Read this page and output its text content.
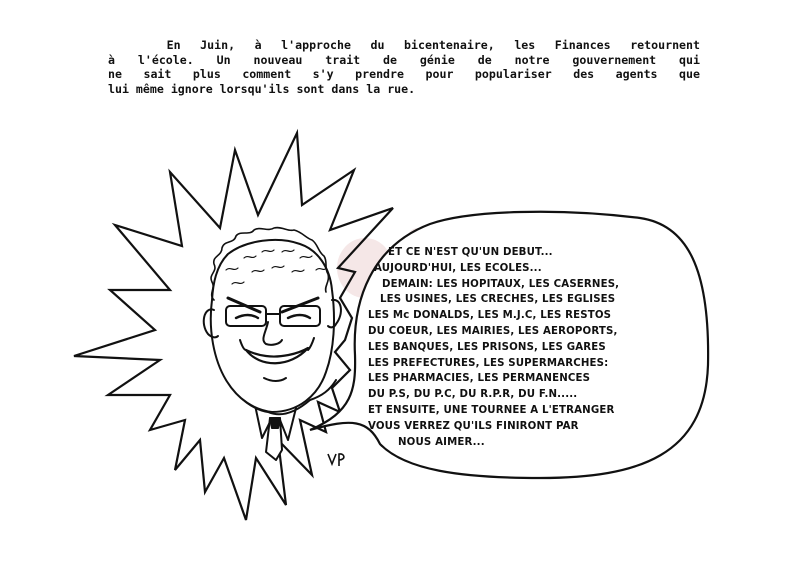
En Juin, à l'approche du bicentenaire, les Finances retournent
à l'école. Un nouveau trait de génie de notre gouvernement qui
ne sait plus comment s'y prendre pour populariser des agents que
lui même ignore lorsqu'ils sont dans la rue.
ET CE N'EST QU'UN DEBUT...
AUJOURD'HUI, LES ECOLES...
DEMAIN: LES HOPITAUX, LES CASERNES,
LES USINES, LES CRECHES, LES EGLISES
LES Mc DONALDS, LES M.J.C, LES RESTOS
DU COEUR, LES MAIRIES, LES AEROPORTS,
LES BANQUES, LES PRISONS, LES GARES
LES PREFECTURES, LES SUPERMARCHES:
LES PHARMACIES, LES PERMANENCES
DU P.S, DU P.C, DU R.P.R, DU F.N.....
ET ENSUITE, UNE TOURNEE A L'ETRANGER
VOUS VERREZ QU'ILS FINIRONT PAR
NOUS AIMER...
